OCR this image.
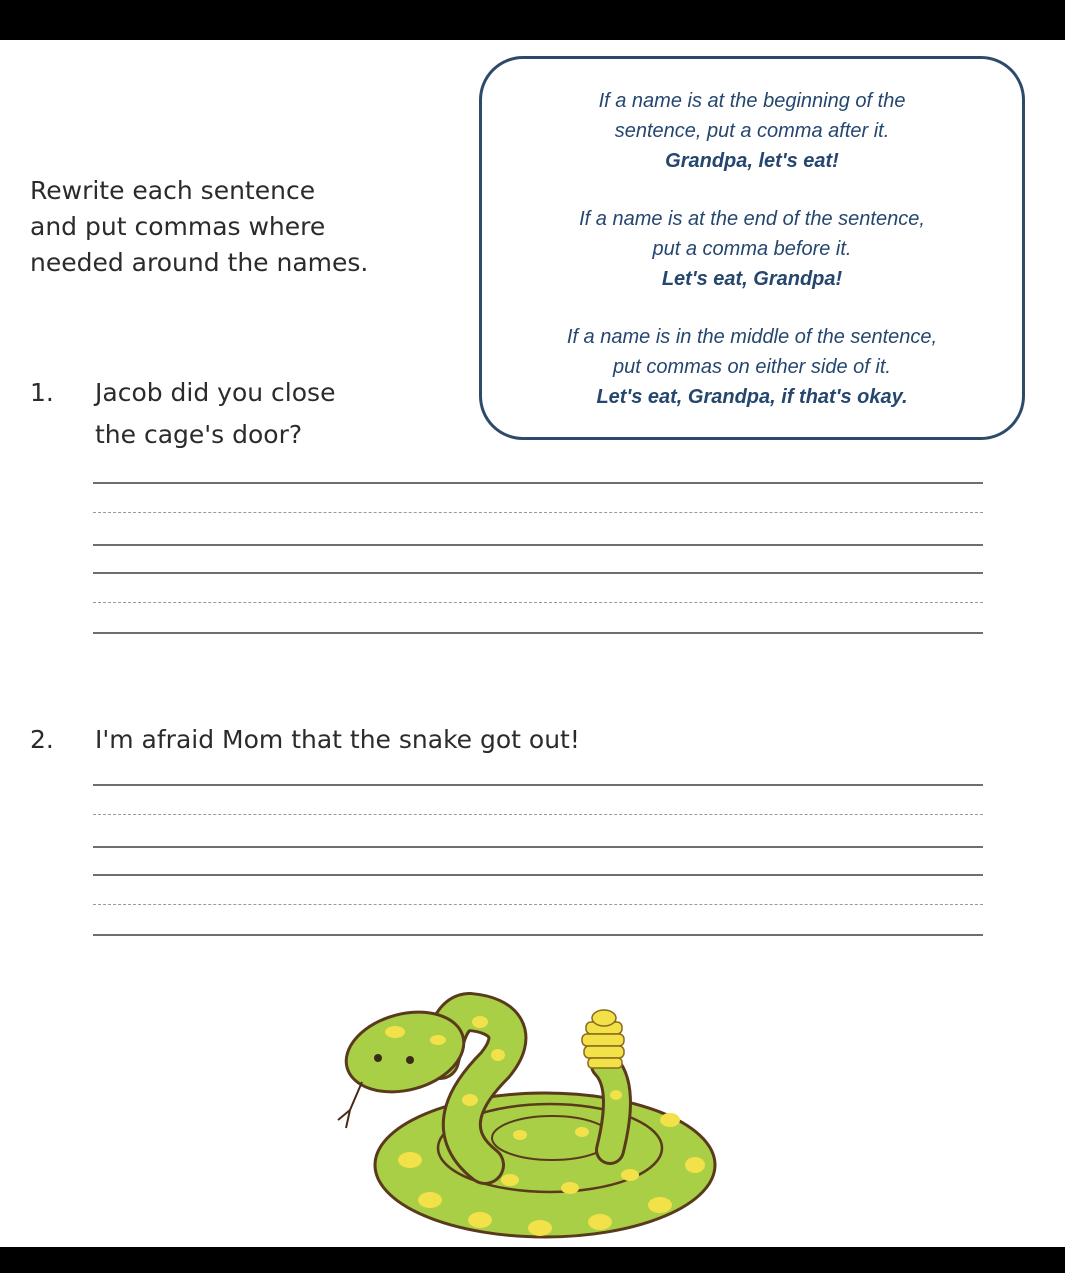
Rewrite each sentence
and put commas where
needed around the names.
If a name is at the beginning of the
sentence, put a comma after it.
Grandpa, let's eat!
If a name is at the end of the sentence,
put a comma before it.
Let's eat, Grandpa!
If a name is in the middle of the sentence,
put commas on either side of it.
Let's eat, Grandpa, if that's okay.
1. Jacob did you close
the cage's door?
2. I'm afraid Mom that the snake got out!
